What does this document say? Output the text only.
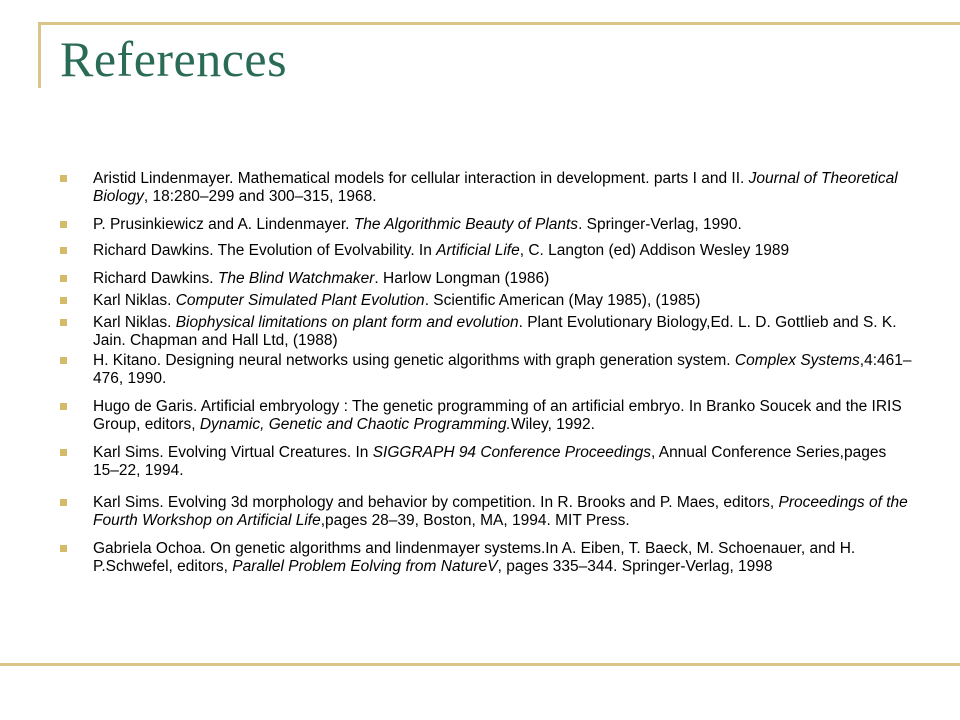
References
Aristid Lindenmayer. Mathematical models for cellular interaction in development. parts I and II. Journal of Theoretical Biology, 18:280–299 and 300–315, 1968.
P. Prusinkiewicz and A. Lindenmayer. The Algorithmic Beauty of Plants. Springer-Verlag, 1990.
Richard Dawkins. The Evolution of Evolvability. In Artificial Life, C. Langton (ed) Addison Wesley 1989
Richard Dawkins. The Blind Watchmaker. Harlow Longman (1986)
Karl Niklas. Computer Simulated Plant Evolution. Scientific American (May 1985), (1985)
Karl Niklas. Biophysical limitations on plant form and evolution. Plant Evolutionary Biology,Ed. L. D. Gottlieb and S. K. Jain. Chapman and Hall Ltd, (1988)
H. Kitano. Designing neural networks using genetic algorithms with graph generation system. Complex Systems,4:461–476, 1990.
Hugo de Garis. Artificial embryology : The genetic programming of an artificial embryo. In Branko Soucek and the IRIS Group, editors, Dynamic, Genetic and Chaotic Programming.Wiley, 1992.
Karl Sims. Evolving Virtual Creatures. In SIGGRAPH 94 Conference Proceedings, Annual Conference Series,pages 15–22, 1994.
Karl Sims. Evolving 3d morphology and behavior by competition. In R. Brooks and P. Maes, editors, Proceedings of the Fourth Workshop on Artificial Life,pages 28–39, Boston, MA, 1994. MIT Press.
Gabriela Ochoa. On genetic algorithms and lindenmayer systems.In A. Eiben, T. Baeck, M. Schoenauer, and H. P.Schwefel, editors, Parallel Problem Eolving from NatureV, pages 335–344. Springer-Verlag, 1998
